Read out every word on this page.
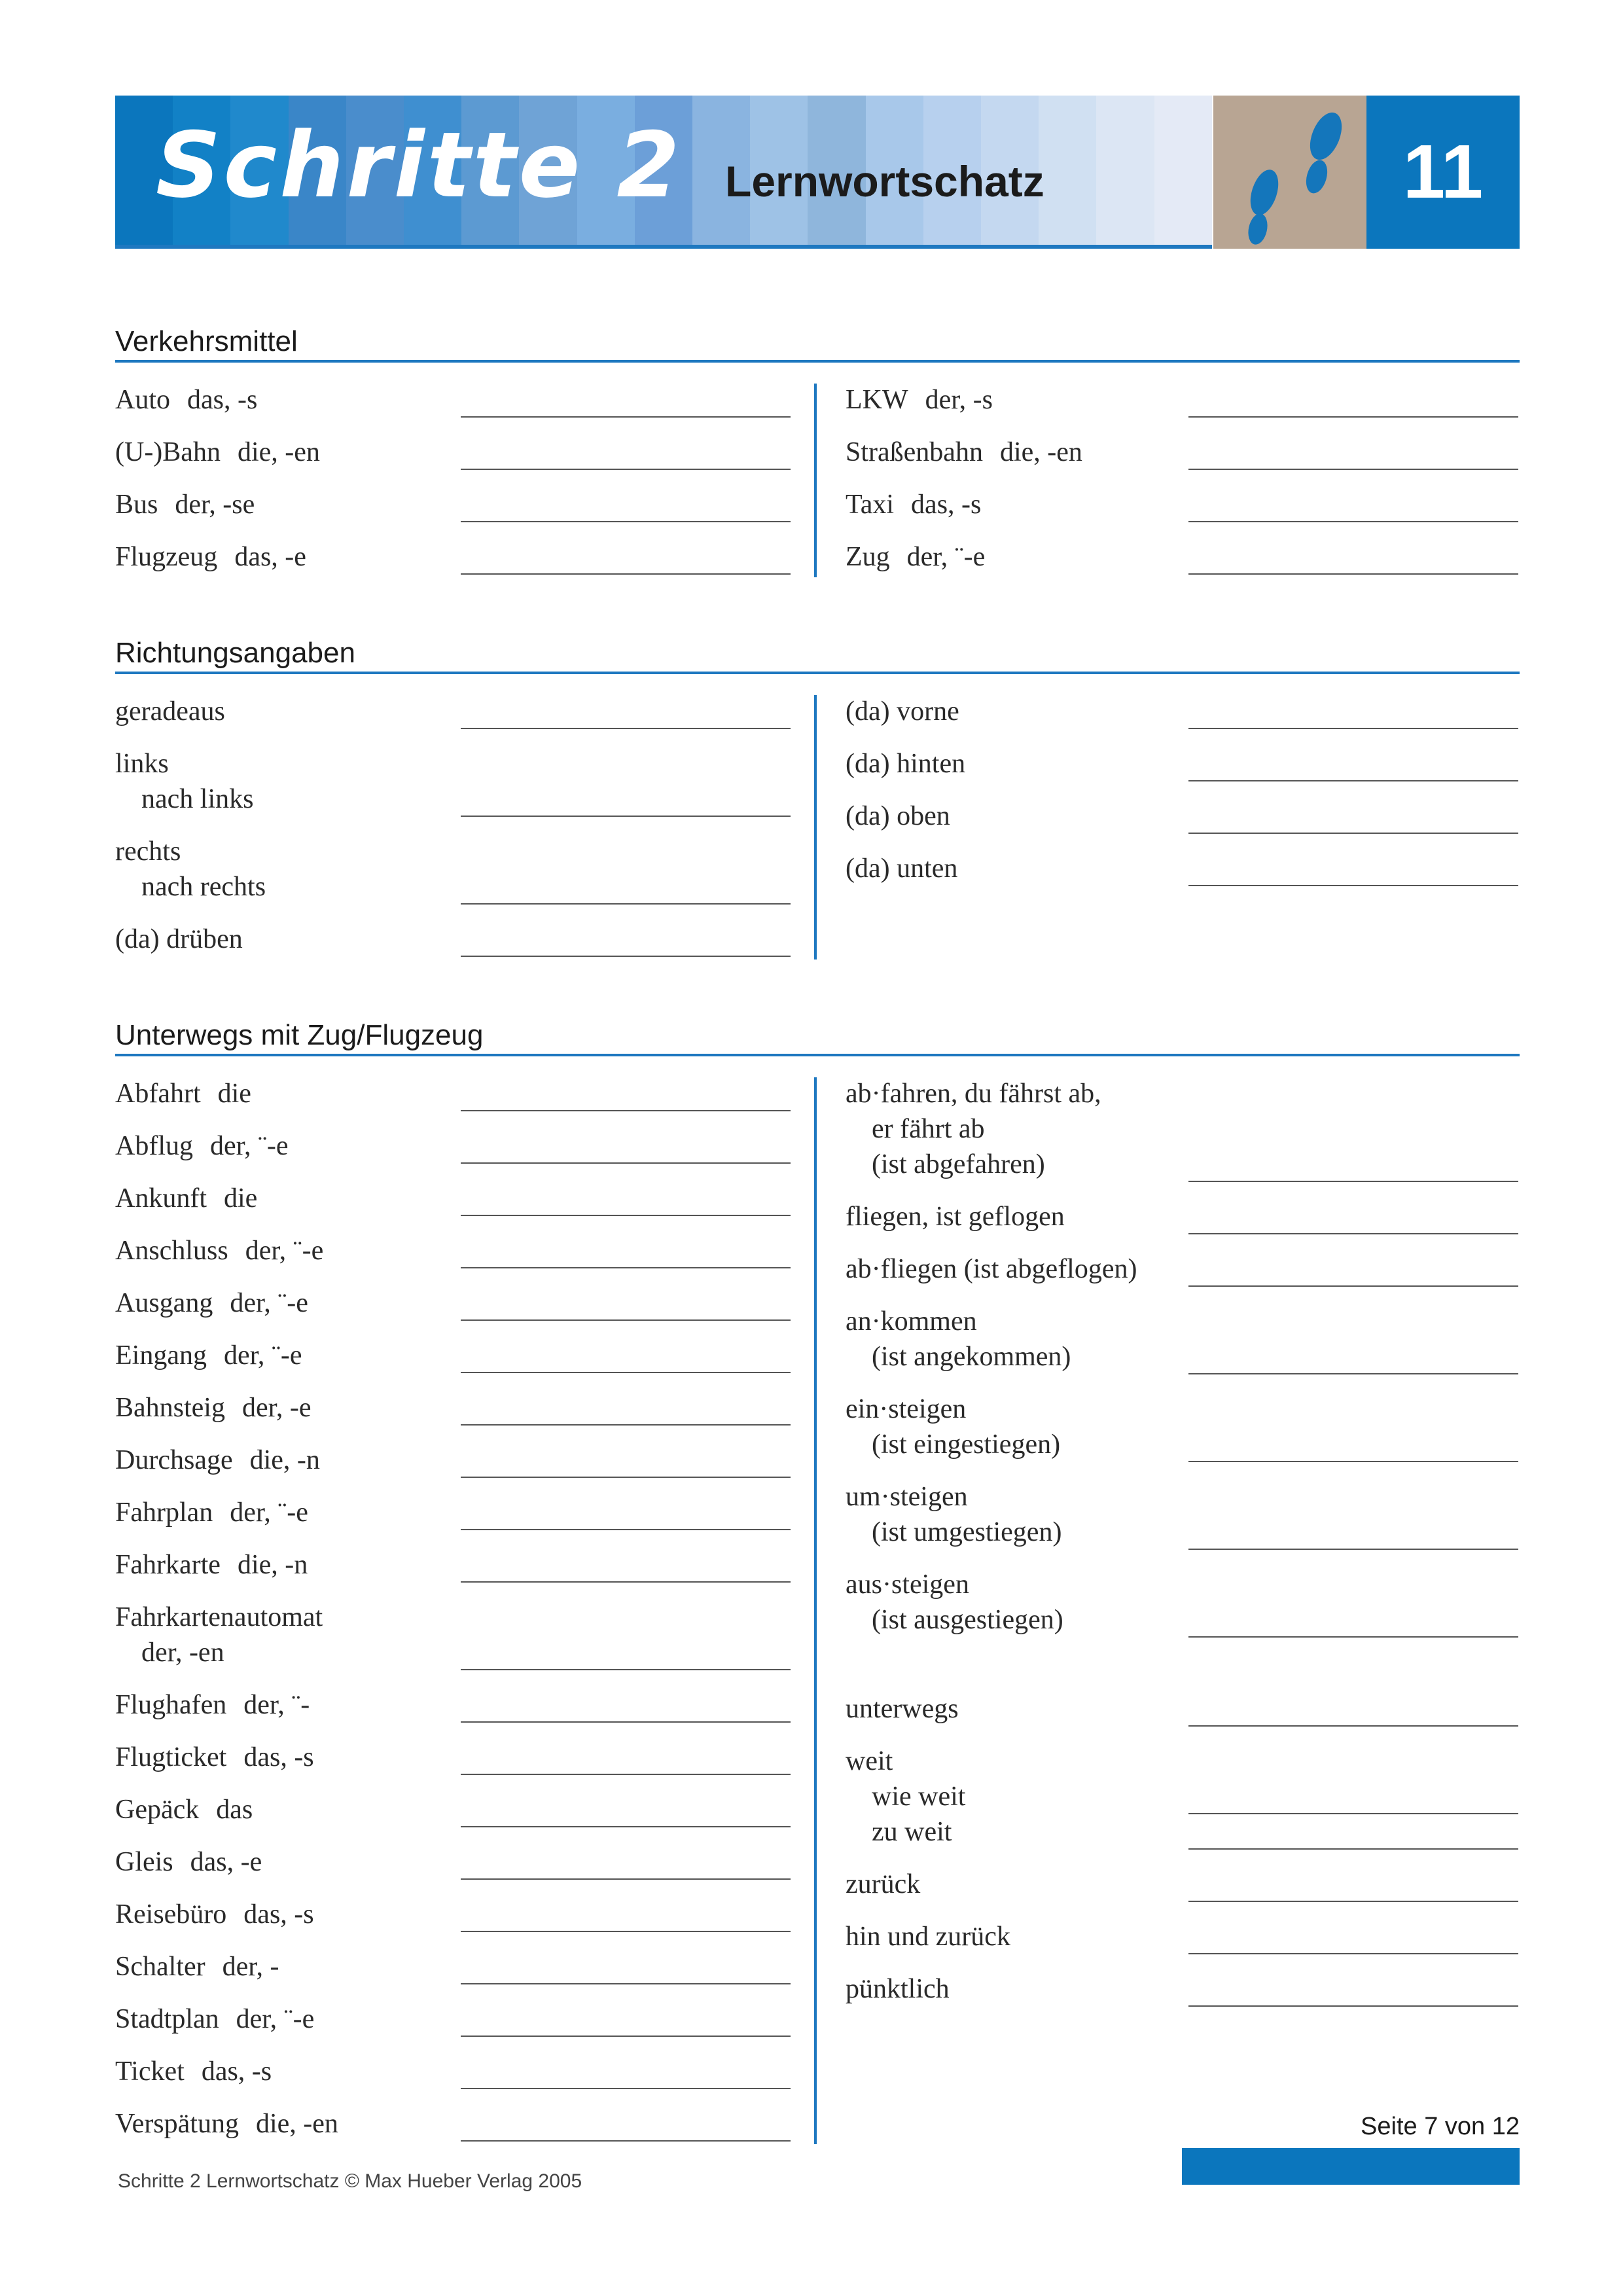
Schritte 2 Lernwortschatz	11
Verkehrsmittel
Auto das, -s
(U-)Bahn die, -en
Bus der, -se
Flugzeug das, -e
LKW der, -s
Straßenbahn die, -en
Taxi das, -s
Zug der, ¨-e
Richtungsangaben
geradeaus
links
nach links
rechts
nach rechts
(da) drüben
(da) vorne
(da) hinten
(da) oben
(da) unten
Unterwegs mit Zug/Flugzeug
Abfahrt die
Abflug der, ¨-e
Ankunft die
Anschluss der, ¨-e
Ausgang der, ¨-e
Eingang der, ¨-e
Bahnsteig der, -e
Durchsage die, -n
Fahrplan der, ¨-e
Fahrkarte die, -n
Fahrkartenautomat
der, -en
Flughafen der, ¨-
Flugticket das, -s
Gepäck das
Gleis das, -e
Reisebüro das, -s
Schalter der, -
Stadtplan der, ¨-e
Ticket das, -s
Verspätung die, -en
ab·fahren, du fährst ab,
er fährt ab
(ist abgefahren)
fliegen, ist geflogen
ab·fliegen (ist abgeflogen)
an·kommen
(ist angekommen)
ein·steigen
(ist eingestiegen)
um·steigen
(ist umgestiegen)
aus·steigen
(ist ausgestiegen)
unterwegs
weit
wie weit
zu weit
zurück
hin und zurück
pünktlich
Seite 7 von 12
Schritte 2 Lernwortschatz © Max Hueber Verlag 2005
